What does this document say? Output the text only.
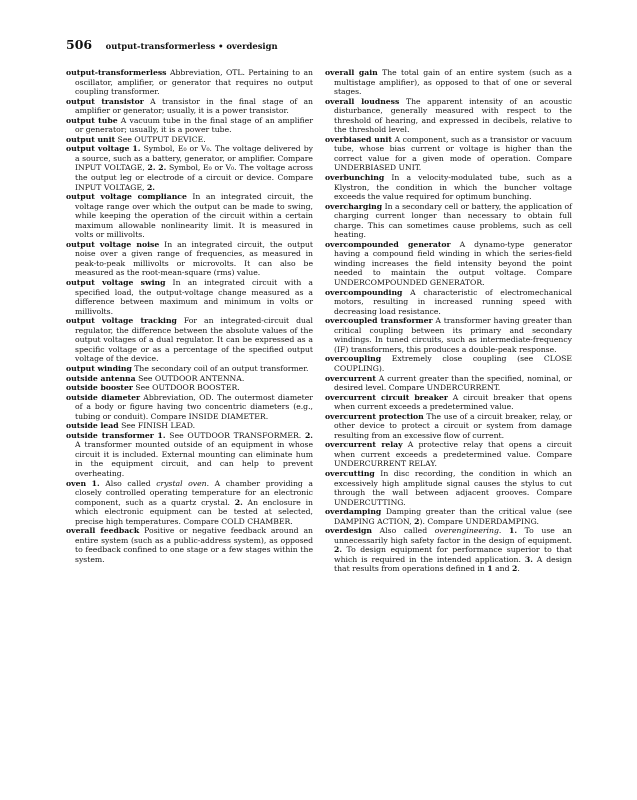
506 output-transformerless • overdesign

output-transformerless Abbreviation, OTL. Pertaining to an oscillator, amplifier, or generator that requires no output coupling transformer.

output transistor A transistor in the final stage of an amplifier or generator; usually, it is a power transistor.

output tube A vacuum tube in the final stage of an amplifier or generator; usually, it is a power tube.

output unit See OUTPUT DEVICE.

output voltage 1. Symbol, E₀ or V₀. The voltage delivered by a source, such as a battery, generator, or amplifier. Compare INPUT VOLTAGE, 2. 2. Symbol, E₀ or V₀. The voltage across the output leg or electrode of a circuit or device. Compare INPUT VOLTAGE, 2.

output voltage compliance In an integrated circuit, the voltage range over which the output can be made to swing, while keeping the operation of the circuit within a certain maximum allowable nonlinearity limit. It is measured in volts or millivolts.

output voltage noise In an integrated circuit, the output noise over a given range of frequencies, as measured in peak-to-peak millivolts or microvolts. It can also be measured as the root-mean-square (rms) value.

output voltage swing In an integrated circuit with a specified load, the output-voltage change measured as a difference between maximum and minimum in volts or millivolts.

output voltage tracking For an integrated-circuit dual regulator, the difference between the absolute values of the output voltages of a dual regulator. It can be expressed as a specific voltage or as a percentage of the specified output voltage of the device.

output winding The secondary coil of an output transformer.

outside antenna See OUTDOOR ANTENNA.

outside booster See OUTDOOR BOOSTER.

outside diameter Abbreviation, OD. The outermost diameter of a body or figure having two concentric diameters (e.g., tubing or conduit). Compare INSIDE DIAMETER.

outside lead See FINISH LEAD.

outside transformer 1. See OUTDOOR TRANSFORMER. 2. A transformer mounted outside of an equipment in whose circuit it is included. External mounting can eliminate hum in the equipment circuit, and can help to prevent overheating.

oven 1. Also called crystal oven. A chamber providing a closely controlled operating temperature for an electronic component, such as a quartz crystal. 2. An enclosure in which electronic equipment can be tested at selected, precise high temperatures. Compare COLD CHAMBER.

overall feedback Positive or negative feedback around an entire system (such as a public-address system), as opposed to feedback confined to one stage or a few stages within the system.

overall gain The total gain of an entire system (such as a multistage amplifier), as opposed to that of one or several stages.

overall loudness The apparent intensity of an acoustic disturbance, generally measured with respect to the threshold of hearing, and expressed in decibels, relative to the threshold level.

overbiased unit A component, such as a transistor or vacuum tube, whose bias current or voltage is higher than the correct value for a given mode of operation. Compare UNDERBIASED UNIT.

overbunching In a velocity-modulated tube, such as a Klystron, the condition in which the buncher voltage exceeds the value required for optimum bunching.

overcharging In a secondary cell or battery, the application of charging current longer than necessary to obtain full charge. This can sometimes cause problems, such as cell heating.

overcompounded generator A dynamo-type generator having a compound field winding in which the series-field winding increases the field intensity beyond the point needed to maintain the output voltage. Compare UNDERCOMPOUNDED GENERATOR.

overcompounding A characteristic of electromechanical motors, resulting in increased running speed with decreasing load resistance.

overcoupled transformer A transformer having greater than critical coupling between its primary and secondary windings. In tuned circuits, such as intermediate-frequency (IF) transformers, this produces a double-peak response.

overcoupling Extremely close coupling (see CLOSE COUPLING).

overcurrent A current greater than the specified, nominal, or desired level. Compare UNDERCURRENT.

overcurrent circuit breaker A circuit breaker that opens when current exceeds a predetermined value.

overcurrent protection The use of a circuit breaker, relay, or other device to protect a circuit or system from damage resulting from an excessive flow of current.

overcurrent relay A protective relay that opens a circuit when current exceeds a predetermined value. Compare UNDERCURRENT RELAY.

overcutting In disc recording, the condition in which an excessively high amplitude signal causes the stylus to cut through the wall between adjacent grooves. Compare UNDERCUTTING.

overdamping Damping greater than the critical value (see DAMPING ACTION, 2). Compare UNDERDAMPING.

overdesign Also called overengineering. 1. To use an unnecessarily high safety factor in the design of equipment. 2. To design equipment for performance superior to that which is required in the intended application. 3. A design that results from operations defined in 1 and 2.
